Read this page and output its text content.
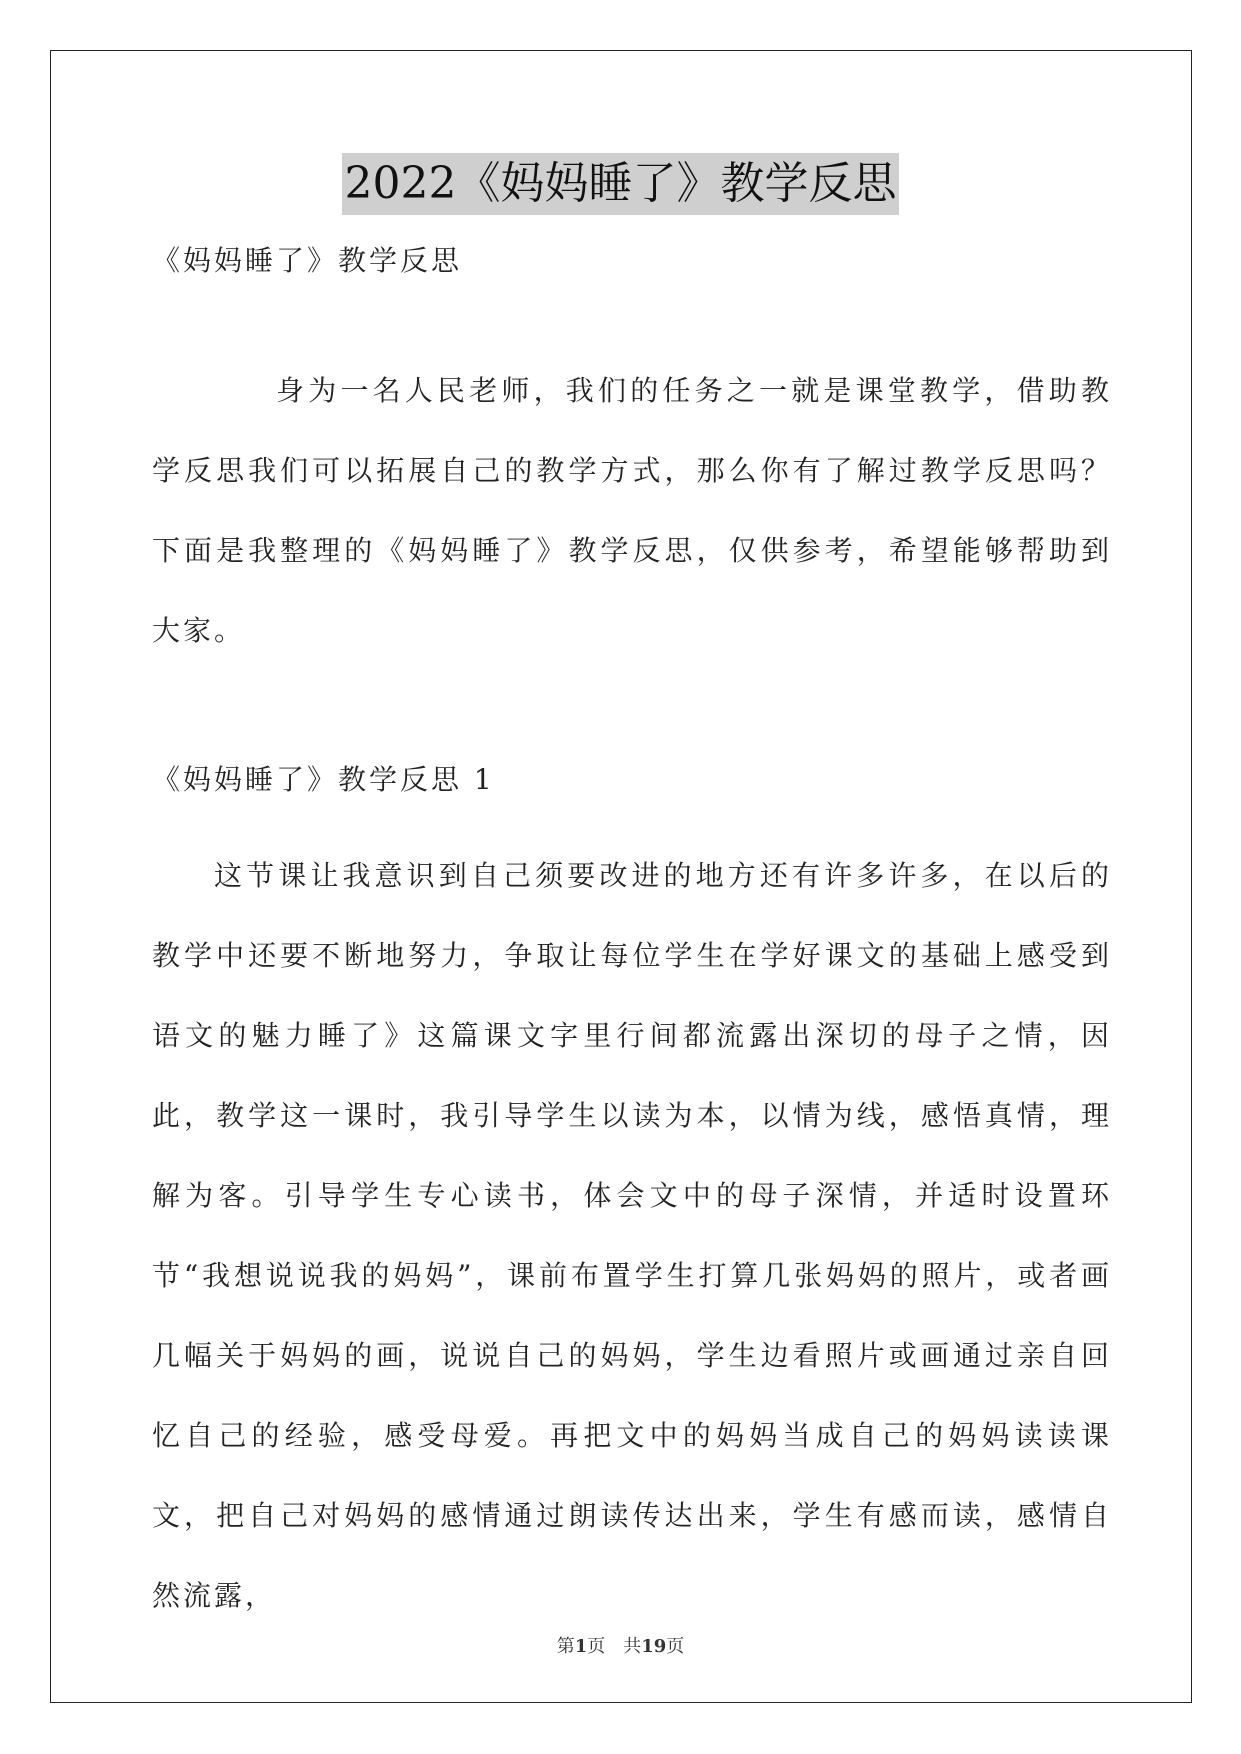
2022《妈妈睡了》教学反思
《妈妈睡了》教学反思

身为一名人民老师，我们的任务之一就是课堂教学，借助教学反思我们可以拓展自己的教学方式，那么你有了解过教学反思吗？下面是我整理的《妈妈睡了》教学反思，仅供参考，希望能够帮助到大家。

《妈妈睡了》教学反思 1

这节课让我意识到自己须要改进的地方还有许多许多，在以后的教学中还要不断地努力，争取让每位学生在学好课文的基础上感受到语文的魅力睡了》这篇课文字里行间都流露出深切的母子之情，因此，教学这一课时，我引导学生以读为本，以情为线，感悟真情，理解为客。引导学生专心读书，体会文中的母子深情，并适时设置环节“我想说说我的妈妈”，课前布置学生打算几张妈妈的照片，或者画几幅关于妈妈的画，说说自己的妈妈，学生边看照片或画通过亲自回忆自己的经验，感受母爱。再把文中的妈妈当成自己的妈妈读读课文，把自己对妈妈的感情通过朗读传达出来，学生有感而读，感情自然流露，

第1页　共19页
